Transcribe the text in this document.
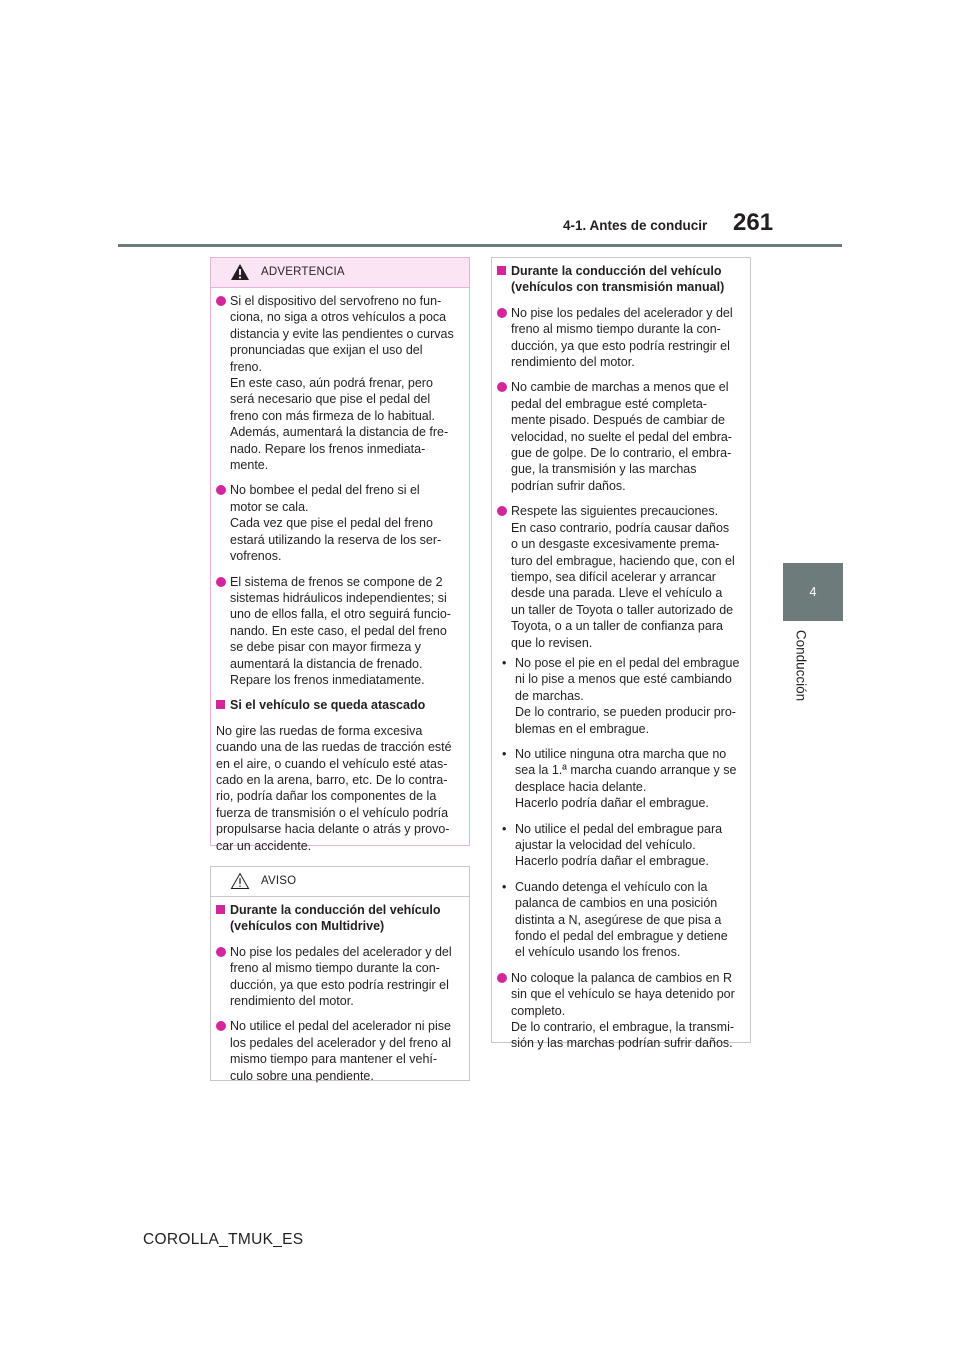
4-1. Antes de conducir 261
4
Conducción
ADVERTENCIA
Si el dispositivo del servofreno no fun-
ciona, no siga a otros vehículos a poca
distancia y evite las pendientes o curvas
pronunciadas que exijan el uso del
freno.
En este caso, aún podrá frenar, pero
será necesario que pise el pedal del
freno con más firmeza de lo habitual.
Además, aumentará la distancia de fre-
nado. Repare los frenos inmediata-
mente.
No bombee el pedal del freno si el
motor se cala.
Cada vez que pise el pedal del freno
estará utilizando la reserva de los ser-
vofrenos.
El sistema de frenos se compone de 2
sistemas hidráulicos independientes; si
uno de ellos falla, el otro seguirá funcio-
nando. En este caso, el pedal del freno
se debe pisar con mayor firmeza y
aumentará la distancia de frenado.
Repare los frenos inmediatamente.
Si el vehículo se queda atascado
No gire las ruedas de forma excesiva
cuando una de las ruedas de tracción esté
en el aire, o cuando el vehículo esté atas-
cado en la arena, barro, etc. De lo contra-
rio, podría dañar los componentes de la
fuerza de transmisión o el vehículo podría
propulsarse hacia delante o atrás y provo-
car un accidente.
AVISO
Durante la conducción del vehículo
(vehículos con Multidrive)
No pise los pedales del acelerador y del
freno al mismo tiempo durante la con-
ducción, ya que esto podría restringir el
rendimiento del motor.
No utilice el pedal del acelerador ni pise
los pedales del acelerador y del freno al
mismo tiempo para mantener el vehí-
culo sobre una pendiente.
Durante la conducción del vehículo
(vehículos con transmisión manual)
No pise los pedales del acelerador y del
freno al mismo tiempo durante la con-
ducción, ya que esto podría restringir el
rendimiento del motor.
No cambie de marchas a menos que el
pedal del embrague esté completa-
mente pisado. Después de cambiar de
velocidad, no suelte el pedal del embra-
gue de golpe. De lo contrario, el embra-
gue, la transmisión y las marchas
podrían sufrir daños.
Respete las siguientes precauciones.
En caso contrario, podría causar daños
o un desgaste excesivamente prema-
turo del embrague, haciendo que, con el
tiempo, sea difícil acelerar y arrancar
desde una parada. Lleve el vehículo a
un taller de Toyota o taller autorizado de
Toyota, o a un taller de confianza para
que lo revisen.
• No pose el pie en el pedal del embrague
ni lo pise a menos que esté cambiando
de marchas.
De lo contrario, se pueden producir pro-
blemas en el embrague.
• No utilice ninguna otra marcha que no
sea la 1.ª marcha cuando arranque y se
desplace hacia delante.
Hacerlo podría dañar el embrague.
• No utilice el pedal del embrague para
ajustar la velocidad del vehículo.
Hacerlo podría dañar el embrague.
• Cuando detenga el vehículo con la
palanca de cambios en una posición
distinta a N, asegúrese de que pisa a
fondo el pedal del embrague y detiene
el vehículo usando los frenos.
No coloque la palanca de cambios en R
sin que el vehículo se haya detenido por
completo.
De lo contrario, el embrague, la transmi-
sión y las marchas podrían sufrir daños.
COROLLA_TMUK_ES
